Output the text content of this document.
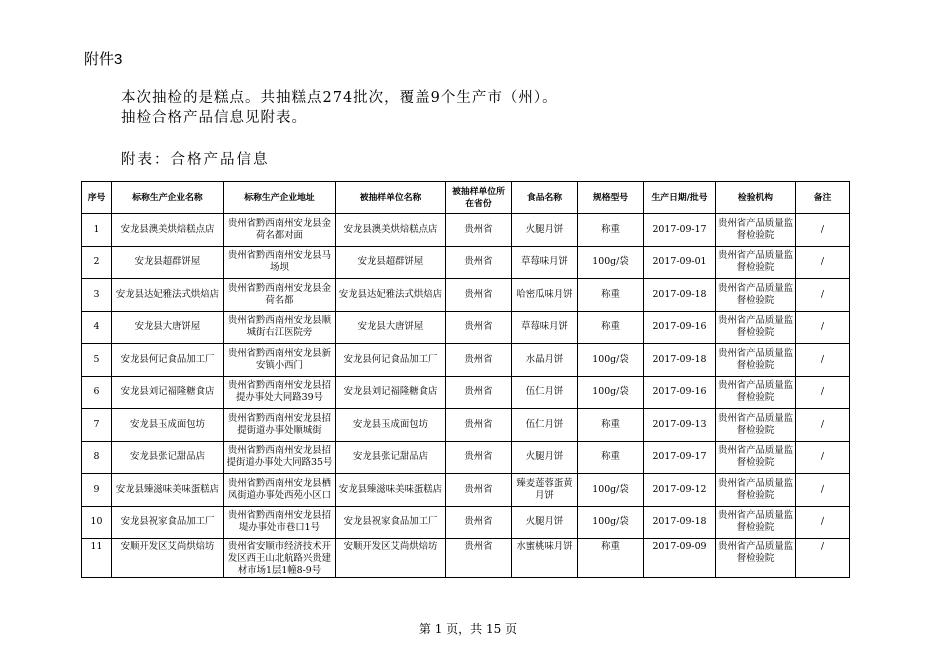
附件3
本次抽检的是糕点。共抽糕点274批次，覆盖9个生产市（州）。
抽检合格产品信息见附表。
附表：合格产品信息
序号	标称生产企业名称	标称生产企业地址	被抽样单位名称	被抽样单位所在省份	食品名称	规格型号	生产日期/批号	检验机构	备注
1	安龙县澳美烘焙糕点店	贵州省黔西南州安龙县金荷名都对面	安龙县澳美烘焙糕点店	贵州省	火腿月饼	称重	2017-09-17	贵州省产品质量监督检验院	/
2	安龙县超群饼屋	贵州省黔西南州安龙县马场坝	安龙县超群饼屋	贵州省	草莓味月饼	100g/袋	2017-09-01	贵州省产品质量监督检验院	/
3	安龙县达妃雅法式烘焙店	贵州省黔西南州安龙县金荷名都	安龙县达妃雅法式烘焙店	贵州省	哈密瓜味月饼	称重	2017-09-18	贵州省产品质量监督检验院	/
4	安龙县大唐饼屋	贵州省黔西南州安龙县顺城街右江医院旁	安龙县大唐饼屋	贵州省	草莓味月饼	称重	2017-09-16	贵州省产品质量监督检验院	/
5	安龙县何记食品加工厂	贵州省黔西南州安龙县新安镇小西门	安龙县何记食品加工厂	贵州省	水晶月饼	100g/袋	2017-09-18	贵州省产品质量监督检验院	/
6	安龙县刘记福隆糖食店	贵州省黔西南州安龙县招提办事处大同路39号	安龙县刘记福隆糖食店	贵州省	伍仁月饼	100g/袋	2017-09-16	贵州省产品质量监督检验院	/
7	安龙县玉成面包坊	贵州省黔西南州安龙县招提街道办事处顺城街	安龙县玉成面包坊	贵州省	伍仁月饼	称重	2017-09-13	贵州省产品质量监督检验院	/
8	安龙县张记甜品店	贵州省黔西南州安龙县招提街道办事处大同路35号	安龙县张记甜品店	贵州省	火腿月饼	称重	2017-09-17	贵州省产品质量监督检验院	/
9	安龙县臻滋味美味蛋糕店	贵州省黔西南州安龙县栖凤街道办事处西苑小区口	安龙县臻滋味美味蛋糕店	贵州省	臻麦莲蓉蛋黄月饼	100g/袋	2017-09-12	贵州省产品质量监督检验院	/
10	安龙县祝家食品加工厂	贵州省黔西南州安龙县招堤办事处市巷口1号	安龙县祝家食品加工厂	贵州省	火腿月饼	100g/袋	2017-09-18	贵州省产品质量监督检验院	/
11	安顺开发区艾尚烘焙坊	贵州省安顺市经济技术开发区西王山北航路兴贵建材市场1层1幢8-9号	安顺开发区艾尚烘焙坊	贵州省	水蜜桃味月饼	称重	2017-09-09	贵州省产品质量监督检验院	/
第 1 页，共 15 页
